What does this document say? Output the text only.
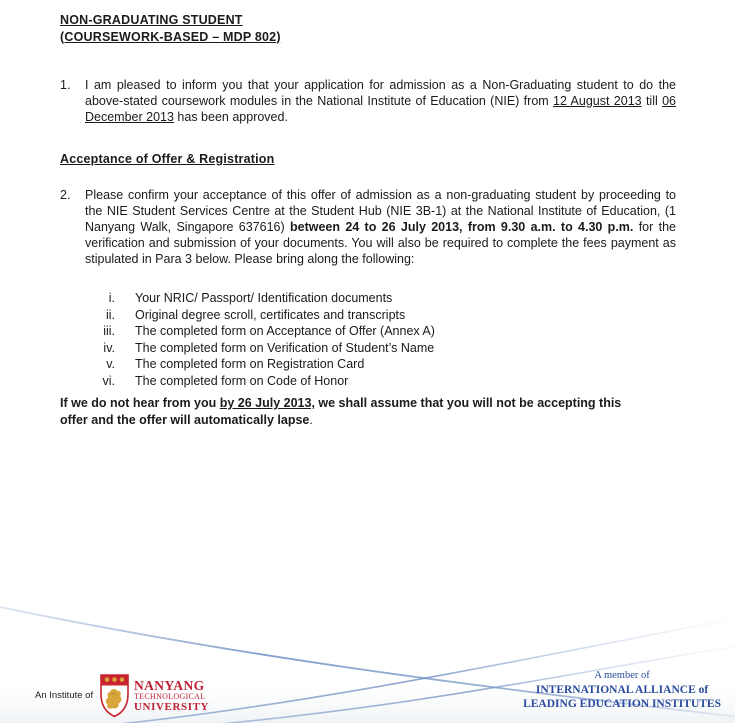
NON-GRADUATING STUDENT
(COURSEWORK-BASED – MDP 802)
1.	I am pleased to inform you that your application for admission as a Non-Graduating student to do the above-stated coursework modules in the National Institute of Education (NIE) from 12 August 2013 till 06 December 2013 has been approved.
Acceptance of Offer & Registration
2.	Please confirm your acceptance of this offer of admission as a non-graduating student by proceeding to the NIE Student Services Centre at the Student Hub (NIE 3B-1) at the National Institute of Education, (1 Nanyang Walk, Singapore 637616) between 24 to 26 July 2013, from 9.30 a.m. to 4.30 p.m. for the verification and submission of your documents. You will also be required to complete the fees payment as stipulated in Para 3 below. Please bring along the following:
i. Your NRIC/ Passport/ Identification documents
ii. Original degree scroll, certificates and transcripts
iii. The completed form on Acceptance of Offer (Annex A)
iv. The completed form on Verification of Student’s Name
v. The completed form on Registration Card
vi. The completed form on Code of Honor
If we do not hear from you by 26 July 2013, we shall assume that you will not be accepting this offer and the offer will automatically lapse.
An Institute of
NANYANG
TECHNOLOGICAL
UNIVERSITY
A member of
INTERNATIONAL ALLIANCE of
LEADING EDUCATION INSTITUTES
